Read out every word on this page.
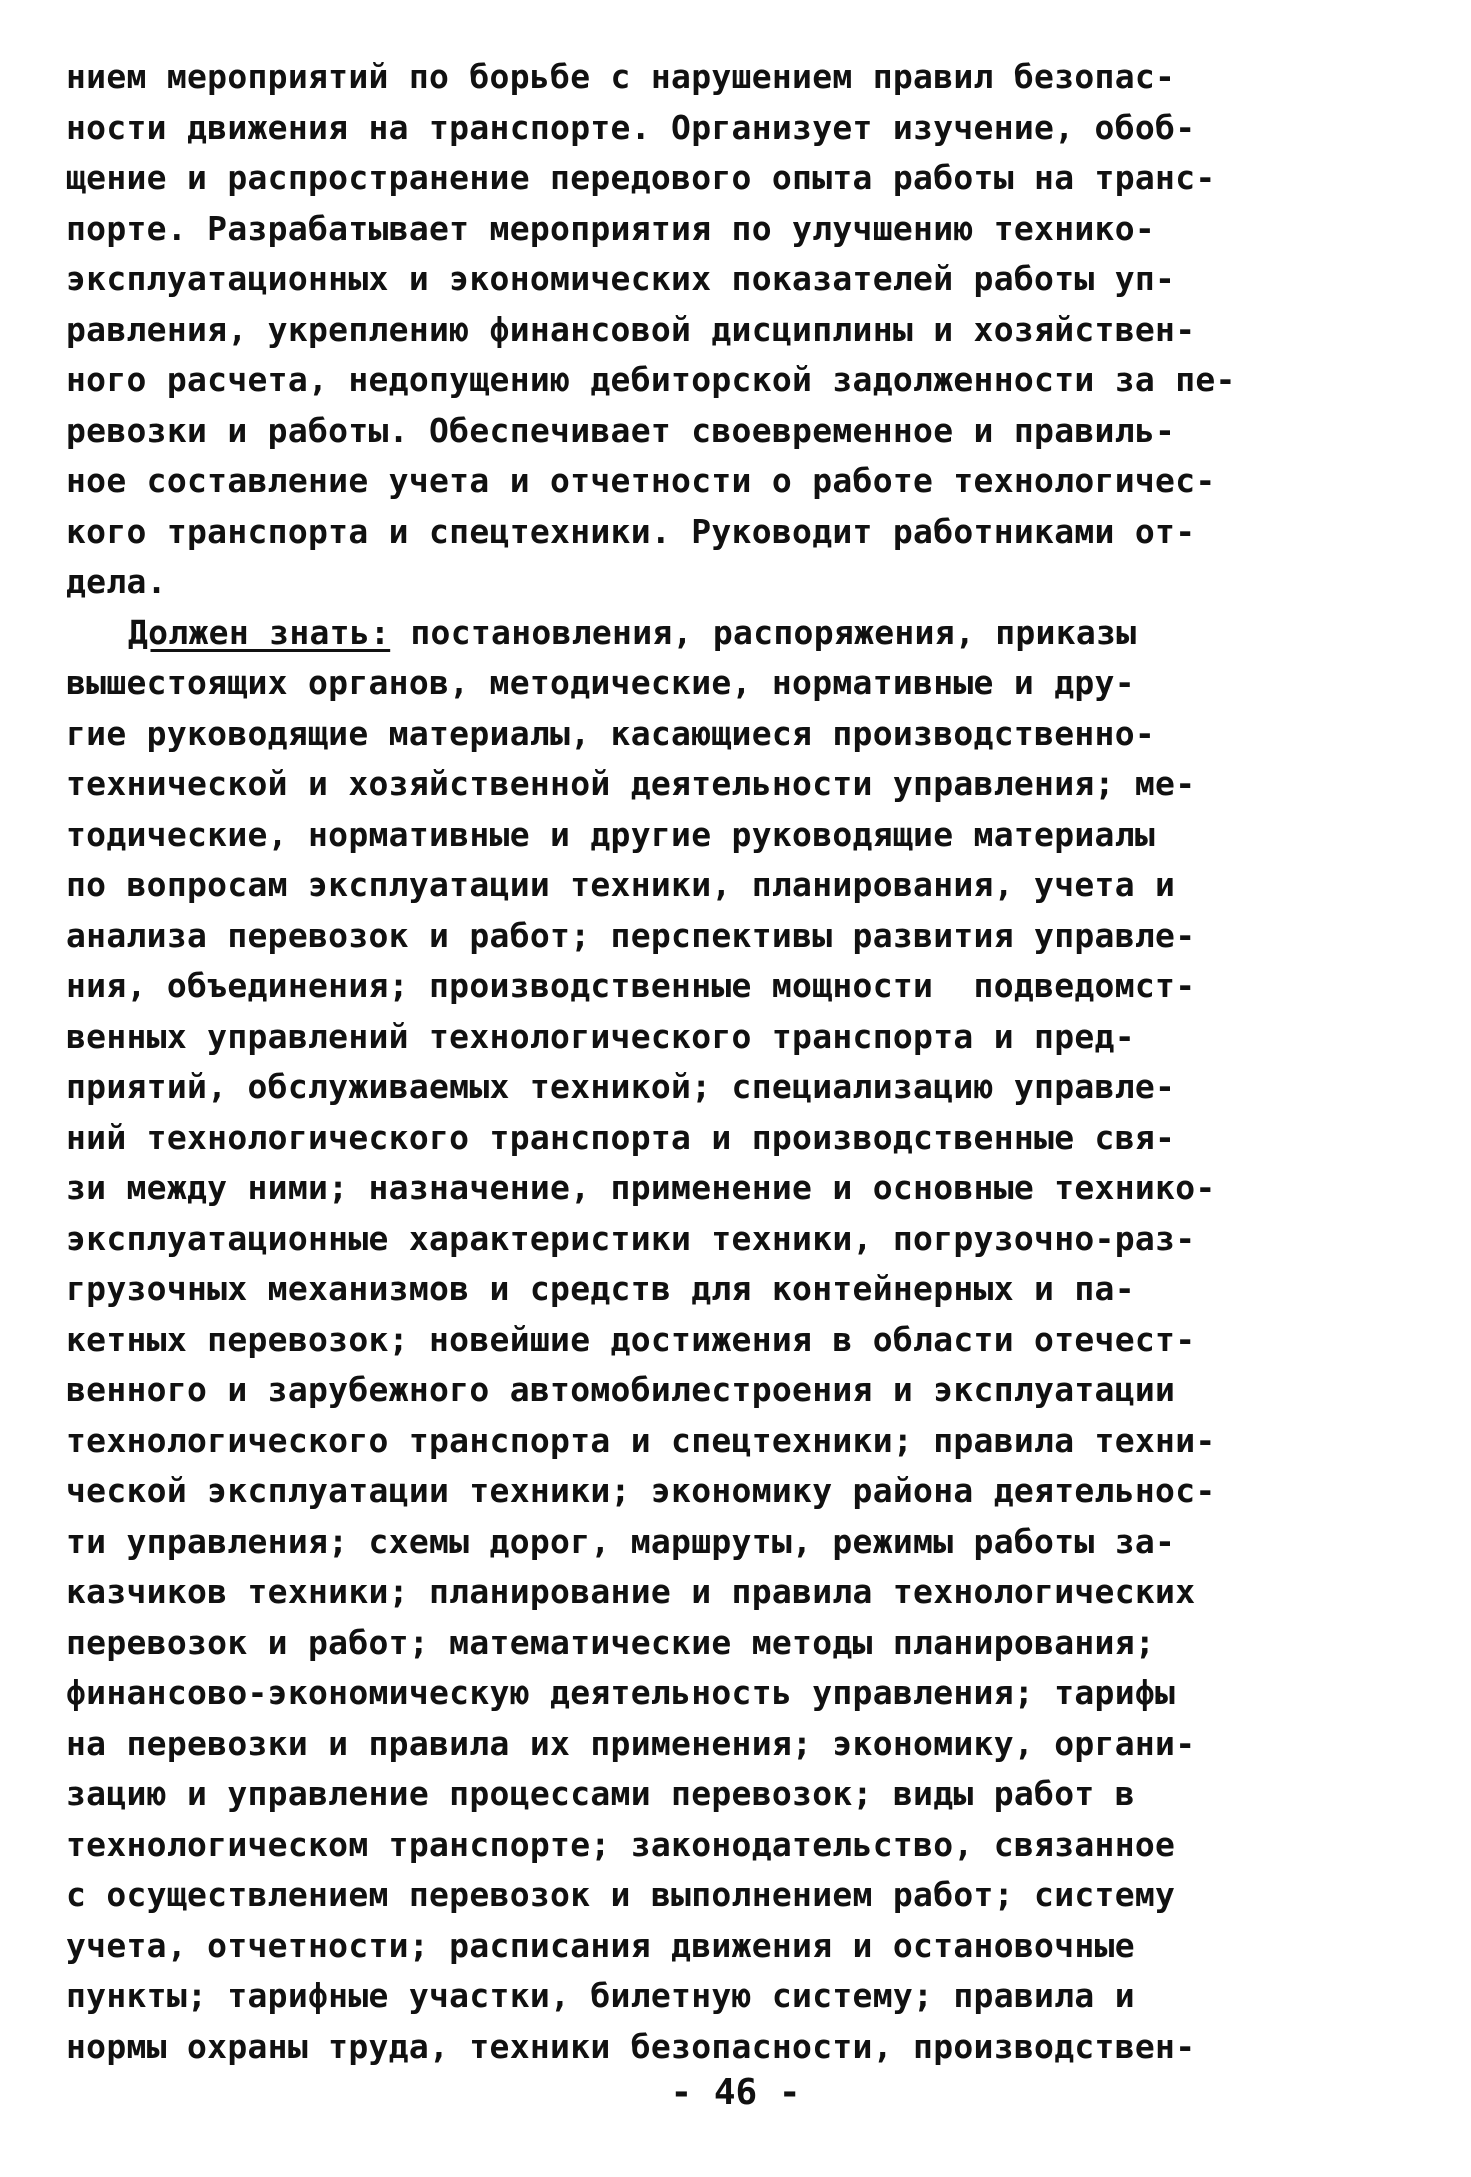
нием мероприятий по борьбе с нарушением правил безопас-
ности движения на транспорте. Организует изучение, обоб-
щение и распространение передового опыта работы на транс-
порте. Разрабатывает мероприятия по улучшению технико-
эксплуатационных и экономических показателей работы уп-
равления, укреплению финансовой дисциплины и хозяйствен-
ного расчета, недопущению дебиторской задолженности за пе-
ревозки и работы. Обеспечивает своевременное и правиль-
ное составление учета и отчетности о работе технологичес-
кого транспорта и спецтехники. Руководит работниками от-
дела.
Должен знать: постановления, распоряжения, приказы
вышестоящих органов, методические, нормативные и дру-
гие руководящие материалы, касающиеся производственно-
технической и хозяйственной деятельности управления; ме-
тодические, нормативные и другие руководящие материалы
по вопросам эксплуатации техники, планирования, учета и
анализа перевозок и работ; перспективы развития управле-
ния, объединения; производственные мощности  подведомст-
венных управлений технологического транспорта и пред-
приятий, обслуживаемых техникой; специализацию управле-
ний технологического транспорта и производственные свя-
зи между ними; назначение, применение и основные технико-
эксплуатационные характеристики техники, погрузочно-раз-
грузочных механизмов и средств для контейнерных и па-
кетных перевозок; новейшие достижения в области отечест-
венного и зарубежного автомобилестроения и эксплуатации
технологического транспорта и спецтехники; правила техни-
ческой эксплуатации техники; экономику района деятельнос-
ти управления; схемы дорог, маршруты, режимы работы за-
казчиков техники; планирование и правила технологических
перевозок и работ; математические методы планирования;
финансово-экономическую деятельность управления; тарифы
на перевозки и правила их применения; экономику, органи-
зацию и управление процессами перевозок; виды работ в
технологическом транспорте; законодательство, связанное
с осуществлением перевозок и выполнением работ; систему
учета, отчетности; расписания движения и остановочные
пункты; тарифные участки, билетную систему; правила и
нормы охраны труда, техники безопасности, производствен-
- 46 -
